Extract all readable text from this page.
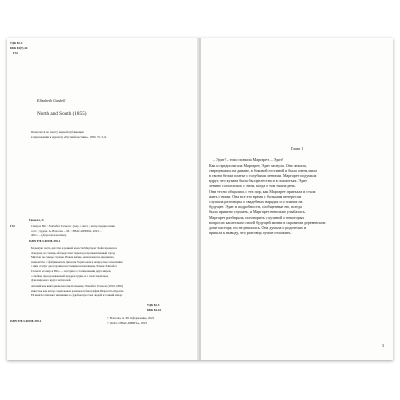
УДК 82-3
ББК 84(7)-44
Г32
Elizabeth Gaskell
North and South (1855)
Печатается по тексту первой публикации
в приложении к журналу «Русский вестник». 1856. Тт. 3–6.
Гаскелл, Э.
Г32	Север и Юг / Элизабет Гаскелл ; [пер. с англ. ; автор предисловия
сост. ; худож. А. Власова. – М. : ЭНАС-КНИГА, 2023. –
400 с. – (Дорогая классика).
ISBN 978-5-00198-478-2
Большую часть детства и ранней юности Маргарет Хейл провела в
Лондоне, но теперь ей предстоит переезд в промышленный город
Милтон на севере страны. Новая жизнь, непохожая на прежнюю,
знакомство с фабрикантом Джоном Торнтоном и непростые отношения
с ним станут для героини настоящим испытанием. Роман Элизабет
Гаскелл «Север и Юг» — история о столкновении двух миров,
о любви, преодолевающей предрассудки, и о силе характера.
Для широкого круга читателей.
Английская викторианская писательница Элизабет Гаскелл (1810–1865)
известна как автор социальных романов и биографии Шарлотты Бронте.
Её книги отличают внимание к судьбам простых людей и тонкий юмор.
УДК 82-3
ББК 84-44
ISBN 978-5-00198-478-2
© Власова, А. Ю. Оформление, 2023
© ООО «ЭНАС-КНИГА», 2023
Глава 1
– Эдит! – тихо позвала Маргарет. – Эдит!
Как и предполагала Маргарет, Эдит заснула. Она лежала,
свернувшись на диване, в боковой гостиной и была очень мила
в своем белом платье с голубыми лентами. Маргарет подумала
вдруг, что кузина была бы прелестна и в лохмотьях. Эдит
лениво согласилась с этим, когда о том зашла речь.
Они тесно общались с тех пор, как Маргарет приехала и стала
жить с ними. Она все это время с большим интересом
слушала разговоры о свадебных нарядах и о планах на
будущее. Эдит и подробности, сообщенные ею, всегда
было приятно слушать, и Маргарет невольно улыбалась.
Маргарет разбирала, поговорить с кузиной о некоторых
вопросах касательно своей будущей жизни в скромном деревенском
доме пастора, но не решалась. Она думала о родителях и
пришла к выводу, что разговор лучше отложить.
3
